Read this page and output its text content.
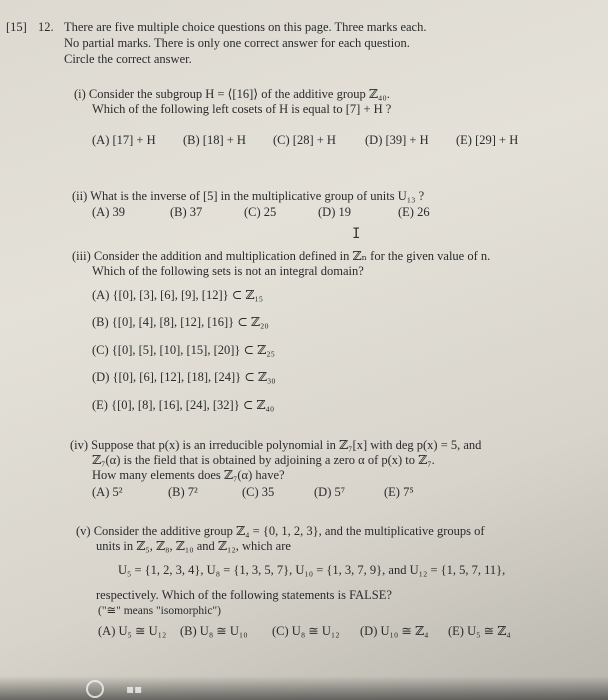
[15] 12. There are five multiple choice questions on this page. Three marks each.
No partial marks. There is only one correct answer for each question.
Circle the correct answer.
(i) Consider the subgroup H = ⟨[16]⟩ of the additive group ℤ₄₀.
Which of the following left cosets of H is equal to [7] + H ?
(A) [17] + H (B) [18] + H (C) [28] + H (D) [39] + H (E) [29] + H
(ii) What is the inverse of [5] in the multiplicative group of units U₁₃ ?
(A) 39	(B) 37	(C) 25	(D) 19	(E) 26
I
(iii) Consider the addition and multiplication defined in ℤₙ for the given value of n.
Which of the following sets is not an integral domain?
(A) {[0], [3], [6], [9], [12]} ⊂ ℤ₁₅
(B) {[0], [4], [8], [12], [16]} ⊂ ℤ₂₀
(C) {[0], [5], [10], [15], [20]} ⊂ ℤ₂₅
(D) {[0], [6], [12], [18], [24]} ⊂ ℤ₃₀
(E) {[0], [8], [16], [24], [32]} ⊂ ℤ₄₀
(iv) Suppose that p(x) is an irreducible polynomial in ℤ₇[x] with deg p(x) = 5, and
ℤ₇(α) is the field that is obtained by adjoining a zero α of p(x) to ℤ₇.
How many elements does ℤ₇(α) have?
(A) 5²	(B) 7²	(C) 35	(D) 5⁷	(E) 7⁵
(v) Consider the additive group ℤ₄ = {0, 1, 2, 3}, and the multiplicative groups of
units in ℤ₅, ℤ₈, ℤ₁₀ and ℤ₁₂, which are
U₅ = {1, 2, 3, 4}, U₈ = {1, 3, 5, 7}, U₁₀ = {1, 3, 7, 9}, and U₁₂ = {1, 5, 7, 11},
respectively. Which of the following statements is FALSE?
("≅" means "isomorphic")
(A) U₅ ≅ U₁₂ (B) U₈ ≅ U₁₀ (C) U₈ ≅ U₁₂ (D) U₁₀ ≅ ℤ₄ (E) U₅ ≅ ℤ₄
▪▪
